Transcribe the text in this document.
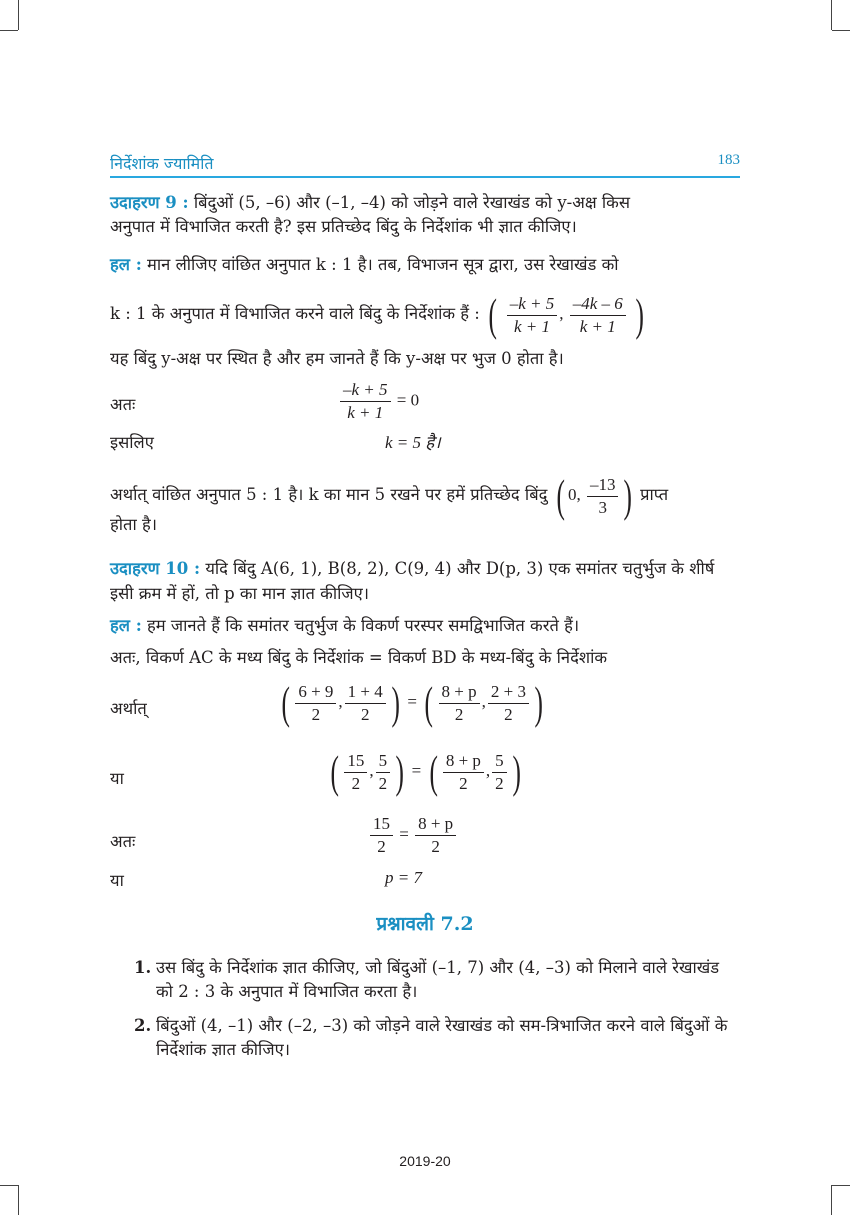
निर्देशांक ज्यामिति	183
उदाहरण 9 : बिंदुओं (5, –6) और (–1, –4) को जोड़ने वाले रेखाखंड को y-अक्ष किस
अनुपात में विभाजित करती है? इस प्रतिच्छेद बिंदु के निर्देशांक भी ज्ञात कीजिए।
हल : मान लीजिए वांछित अनुपात k : 1 है। तब, विभाजन सूत्र द्वारा, उस रेखाखंड को
k : 1 के अनुपात में विभाजित करने वाले बिंदु के निर्देशांक हैं : ( $\frac{-k + 5}{k + 1}$ , $\frac{-4k - 6}{k + 1}$ )
यह बिंदु y-अक्ष पर स्थित है और हम जानते हैं कि y-अक्ष पर भुज 0 होता है।
अतः	$\frac{-k + 5}{k + 1} = 0$
इसलिए	k = 5 है।
अर्थात् वांछित अनुपात 5 : 1 है। k का मान 5 रखने पर हमें प्रतिच्छेद बिंदु ( 0, $\frac{-13}{3}$ ) प्राप्त
होता है।
उदाहरण 10 : यदि बिंदु A(6, 1), B(8, 2), C(9, 4) और D(p, 3) एक समांतर चतुर्भुज के शीर्ष
इसी क्रम में हों, तो p का मान ज्ञात कीजिए।
हल : हम जानते हैं कि समांतर चतुर्भुज के विकर्ण परस्पर समद्विभाजित करते हैं।
अतः, विकर्ण AC के मध्य बिंदु के निर्देशांक = विकर्ण BD के मध्य-बिंदु के निर्देशांक
अर्थात्	( $\frac{6 + 9}{2}$ , $\frac{1 + 4}{2}$ ) = ( $\frac{8 + p}{2}$ , $\frac{2 + 3}{2}$ )
या	( $\frac{15}{2}$ , $\frac{5}{2}$ ) = ( $\frac{8 + p}{2}$ , $\frac{5}{2}$ )
अतः	$\frac{15}{2} = \frac{8 + p}{2}$
या	p = 7
प्रश्नावली 7.2
1. उस बिंदु के निर्देशांक ज्ञात कीजिए, जो बिंदुओं (–1, 7) और (4, –3) को मिलाने वाले रेखाखंड
को 2 : 3 के अनुपात में विभाजित करता है।
2. बिंदुओं (4, –1) और (–2, –3) को जोड़ने वाले रेखाखंड को सम-त्रिभाजित करने वाले बिंदुओं के
निर्देशांक ज्ञात कीजिए।
2019-20
